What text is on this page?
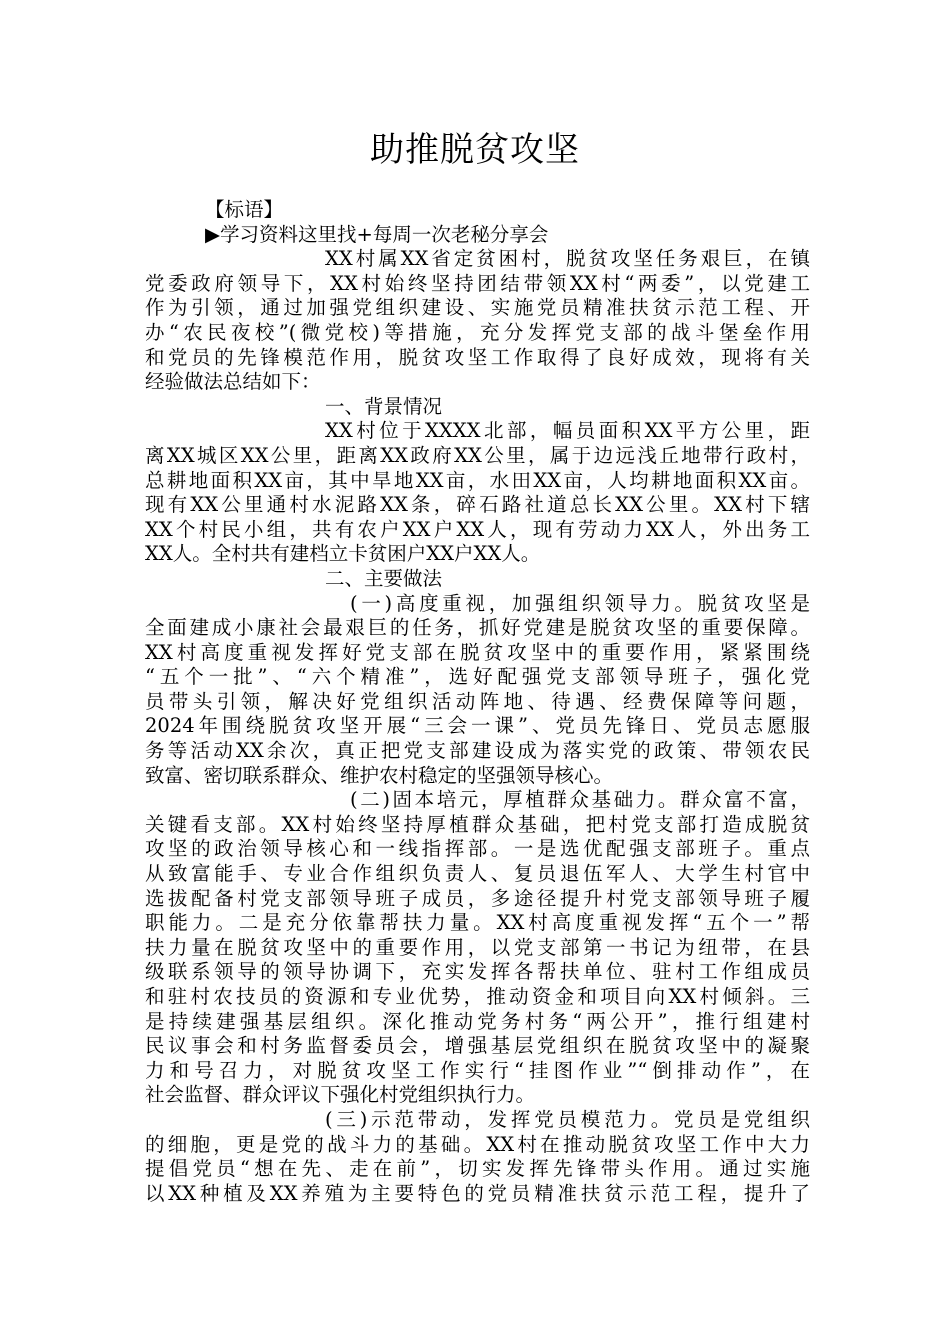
助推脱贫攻坚
【标语】
▶学习资料这里找+每周一次老秘分享会
XX村属XX省定贫困村，脱贫攻坚任务艰巨，在镇
党委政府领导下，XX村始终坚持团结带领XX村“两委”，以党建工
作为引领，通过加强党组织建设、实施党员精准扶贫示范工程、开
办“农民夜校”(微党校)等措施，充分发挥党支部的战斗堡垒作用
和党员的先锋模范作用，脱贫攻坚工作取得了良好成效，现将有关
经验做法总结如下：
一、背景情况
XX村位于XXXX北部，幅员面积XX平方公里，距
离XX城区XX公里，距离XX政府XX公里，属于边远浅丘地带行政村，
总耕地面积XX亩，其中旱地XX亩，水田XX亩，人均耕地面积XX亩。
现有XX公里通村水泥路XX条，碎石路社道总长XX公里。XX村下辖
XX个村民小组，共有农户XX户XX人，现有劳动力XX人，外出务工
XX人。全村共有建档立卡贫困户XX户XX人。
二、主要做法
(一)高度重视，加强组织领导力。脱贫攻坚是
全面建成小康社会最艰巨的任务，抓好党建是脱贫攻坚的重要保障。
XX村高度重视发挥好党支部在脱贫攻坚中的重要作用，紧紧围绕
“五个一批”、“六个精准”，选好配强党支部领导班子，强化党
员带头引领，解决好党组织活动阵地、待遇、经费保障等问题，
2024年围绕脱贫攻坚开展“三会一课”、党员先锋日、党员志愿服
务等活动XX余次，真正把党支部建设成为落实党的政策、带领农民
致富、密切联系群众、维护农村稳定的坚强领导核心。
(二)固本培元，厚植群众基础力。群众富不富，
关键看支部。XX村始终坚持厚植群众基础，把村党支部打造成脱贫
攻坚的政治领导核心和一线指挥部。一是选优配强支部班子。重点
从致富能手、专业合作组织负责人、复员退伍军人、大学生村官中
选拔配备村党支部领导班子成员，多途径提升村党支部领导班子履
职能力。二是充分依靠帮扶力量。XX村高度重视发挥“五个一”帮
扶力量在脱贫攻坚中的重要作用，以党支部第一书记为纽带，在县
级联系领导的领导协调下，充实发挥各帮扶单位、驻村工作组成员
和驻村农技员的资源和专业优势，推动资金和项目向XX村倾斜。三
是持续建强基层组织。深化推动党务村务“两公开”，推行组建村
民议事会和村务监督委员会，增强基层党组织在脱贫攻坚中的凝聚
力和号召力，对脱贫攻坚工作实行“挂图作业”“倒排动作”，在
社会监督、群众评议下强化村党组织执行力。
(三)示范带动，发挥党员模范力。党员是党组织
的细胞，更是党的战斗力的基础。XX村在推动脱贫攻坚工作中大力
提倡党员“想在先、走在前”，切实发挥先锋带头作用。通过实施
以XX种植及XX养殖为主要特色的党员精准扶贫示范工程，提升了
